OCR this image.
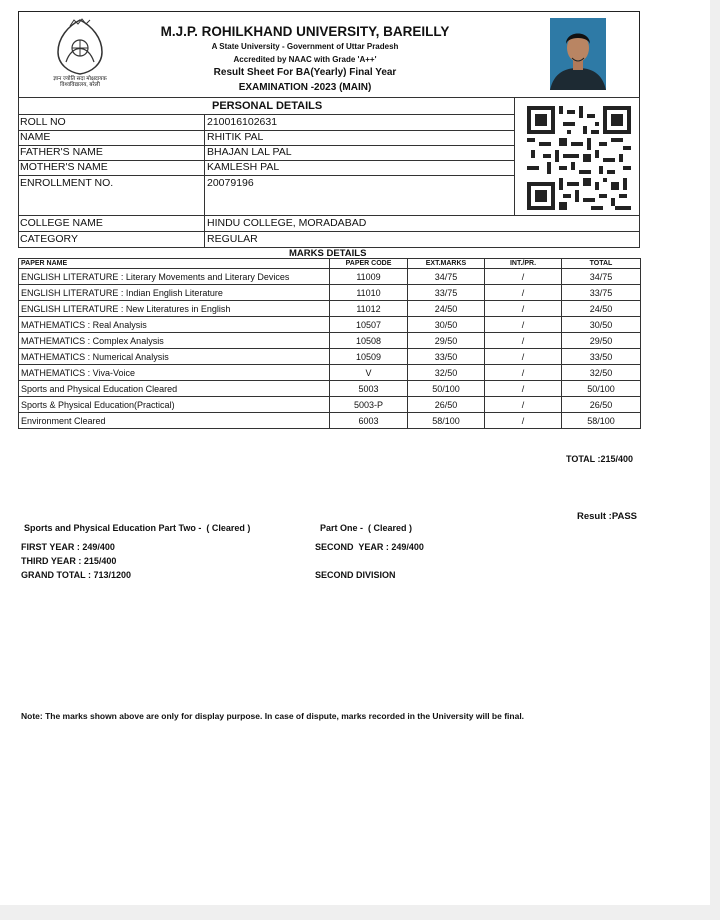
ज्ञान ज्योति सदा मोक्षदायक विश्वविद्यालय, बरेली
M.J.P. ROHILKHAND UNIVERSITY, BAREILLY
A State University - Government of Uttar Pradesh
Accredited by NAAC with Grade 'A++'
Result Sheet For BA(Yearly) Final Year
EXAMINATION -2023 (MAIN)
PERSONAL DETAILS
ROLL NO	210016102631
NAME	RHITIK PAL
FATHER'S NAME	BHAJAN LAL PAL
MOTHER'S NAME	KAMLESH PAL
ENROLLMENT NO.	20079196
COLLEGE NAME	HINDU COLLEGE, MORADABAD
CATEGORY	REGULAR
MARKS DETAILS
PAPER NAME	PAPER CODE	EXT.MARKS	INT./PR.	TOTAL
ENGLISH LITERATURE : Literary Movements and Literary Devices	11009	34/75	/	34/75
ENGLISH LITERATURE : Indian English Literature	11010	33/75	/	33/75
ENGLISH LITERATURE : New Literatures in English	11012	24/50	/	24/50
MATHEMATICS : Real Analysis	10507	30/50	/	30/50
MATHEMATICS : Complex Analysis	10508	29/50	/	29/50
MATHEMATICS : Numerical Analysis	10509	33/50	/	33/50
MATHEMATICS : Viva-Voice	V	32/50	/	32/50
Sports and Physical Education Cleared	5003	50/100	/	50/100
Sports & Physical Education(Practical)	5003-P	26/50	/	26/50
Environment Cleared	6003	58/100	/	58/100
TOTAL :215/400
Result :PASS
Sports and Physical Education Part Two -  ( Cleared )	Part One -  ( Cleared )
FIRST YEAR : 249/400	SECOND  YEAR : 249/400
THIRD YEAR : 215/400
GRAND TOTAL : 713/1200	SECOND DIVISION
Note: The marks shown above are only for display purpose. In case of dispute, marks recorded in the University will be final.
